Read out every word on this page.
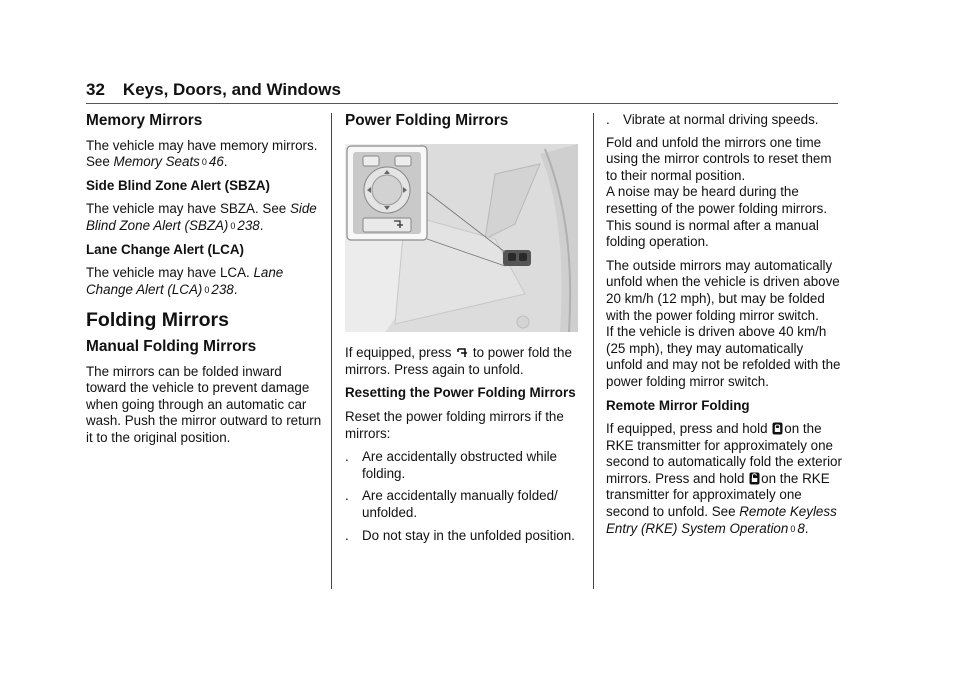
32 Keys, Doors, and Windows
Memory Mirrors

The vehicle may have memory mirrors. See Memory Seats 0 46.

Side Blind Zone Alert (SBZA)

The vehicle may have SBZA. See Side Blind Zone Alert (SBZA) 0 238.

Lane Change Alert (LCA)

The vehicle may have LCA. Lane Change Alert (LCA) 0 238.

Folding Mirrors
Manual Folding Mirrors

The mirrors can be folded inward toward the vehicle to prevent damage when going through an automatic car wash. Push the mirror outward to return it to the original position.

Power Folding Mirrors

If equipped, press  to power fold the mirrors. Press again to unfold.

Resetting the Power Folding Mirrors

Reset the power folding mirrors if the mirrors:

. Are accidentally obstructed while folding.
. Are accidentally manually folded/ unfolded.
. Do not stay in the unfolded position.
. Vibrate at normal driving speeds.

Fold and unfold the mirrors one time using the mirror controls to reset them to their normal position.

A noise may be heard during the resetting of the power folding mirrors. This sound is normal after a manual folding operation.

The outside mirrors may automatically unfold when the vehicle is driven above 20 km/h (12 mph), but may be folded with the power folding mirror switch.

If the vehicle is driven above 40 km/h (25 mph), they may automatically unfold and may not be refolded with the power folding mirror switch.

Remote Mirror Folding

If equipped, press and hold on the RKE transmitter for approximately one second to automatically fold the exterior mirrors. Press and hold on the RKE transmitter for approximately one second to unfold. See Remote Keyless Entry (RKE) System Operation 0 8.
